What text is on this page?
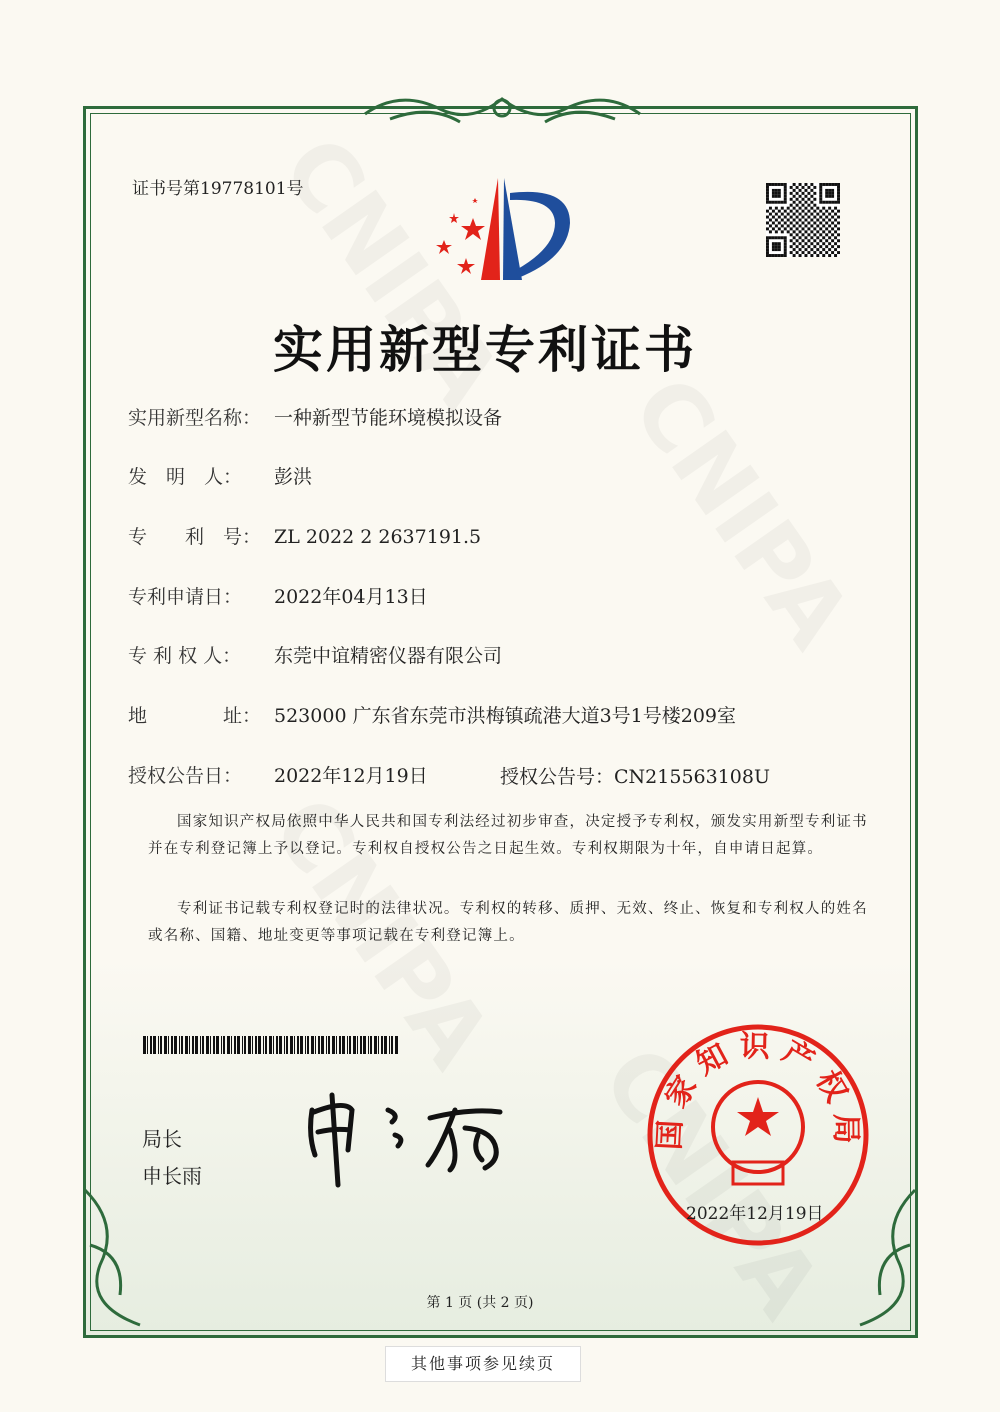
证书号第19778101号
实用新型专利证书
实用新型名称： 一种新型节能环境模拟设备
发　明　人： 彭洪
专　　利　号： ZL 2022 2 2637191.5
专利申请日： 2022年04月13日
专 利 权 人： 东莞中谊精密仪器有限公司
地　　　　址： 523000 广东省东莞市洪梅镇疏港大道3号1号楼209室
授权公告日： 2022年12月19日	授权公告号：CN215563108U
国家知识产权局依照中华人民共和国专利法经过初步审查，决定授予专利权，颁发实用新型专利证书并在专利登记簿上予以登记。专利权自授权公告之日起生效。专利权期限为十年，自申请日起算。
专利证书记载专利权登记时的法律状况。专利权的转移、质押、无效、终止、恢复和专利权人的姓名或名称、国籍、地址变更等事项记载在专利登记簿上。
局长
申长雨
国家知识产权局
2022年12月19日
第 1 页 (共 2 页)
其他事项参见续页
